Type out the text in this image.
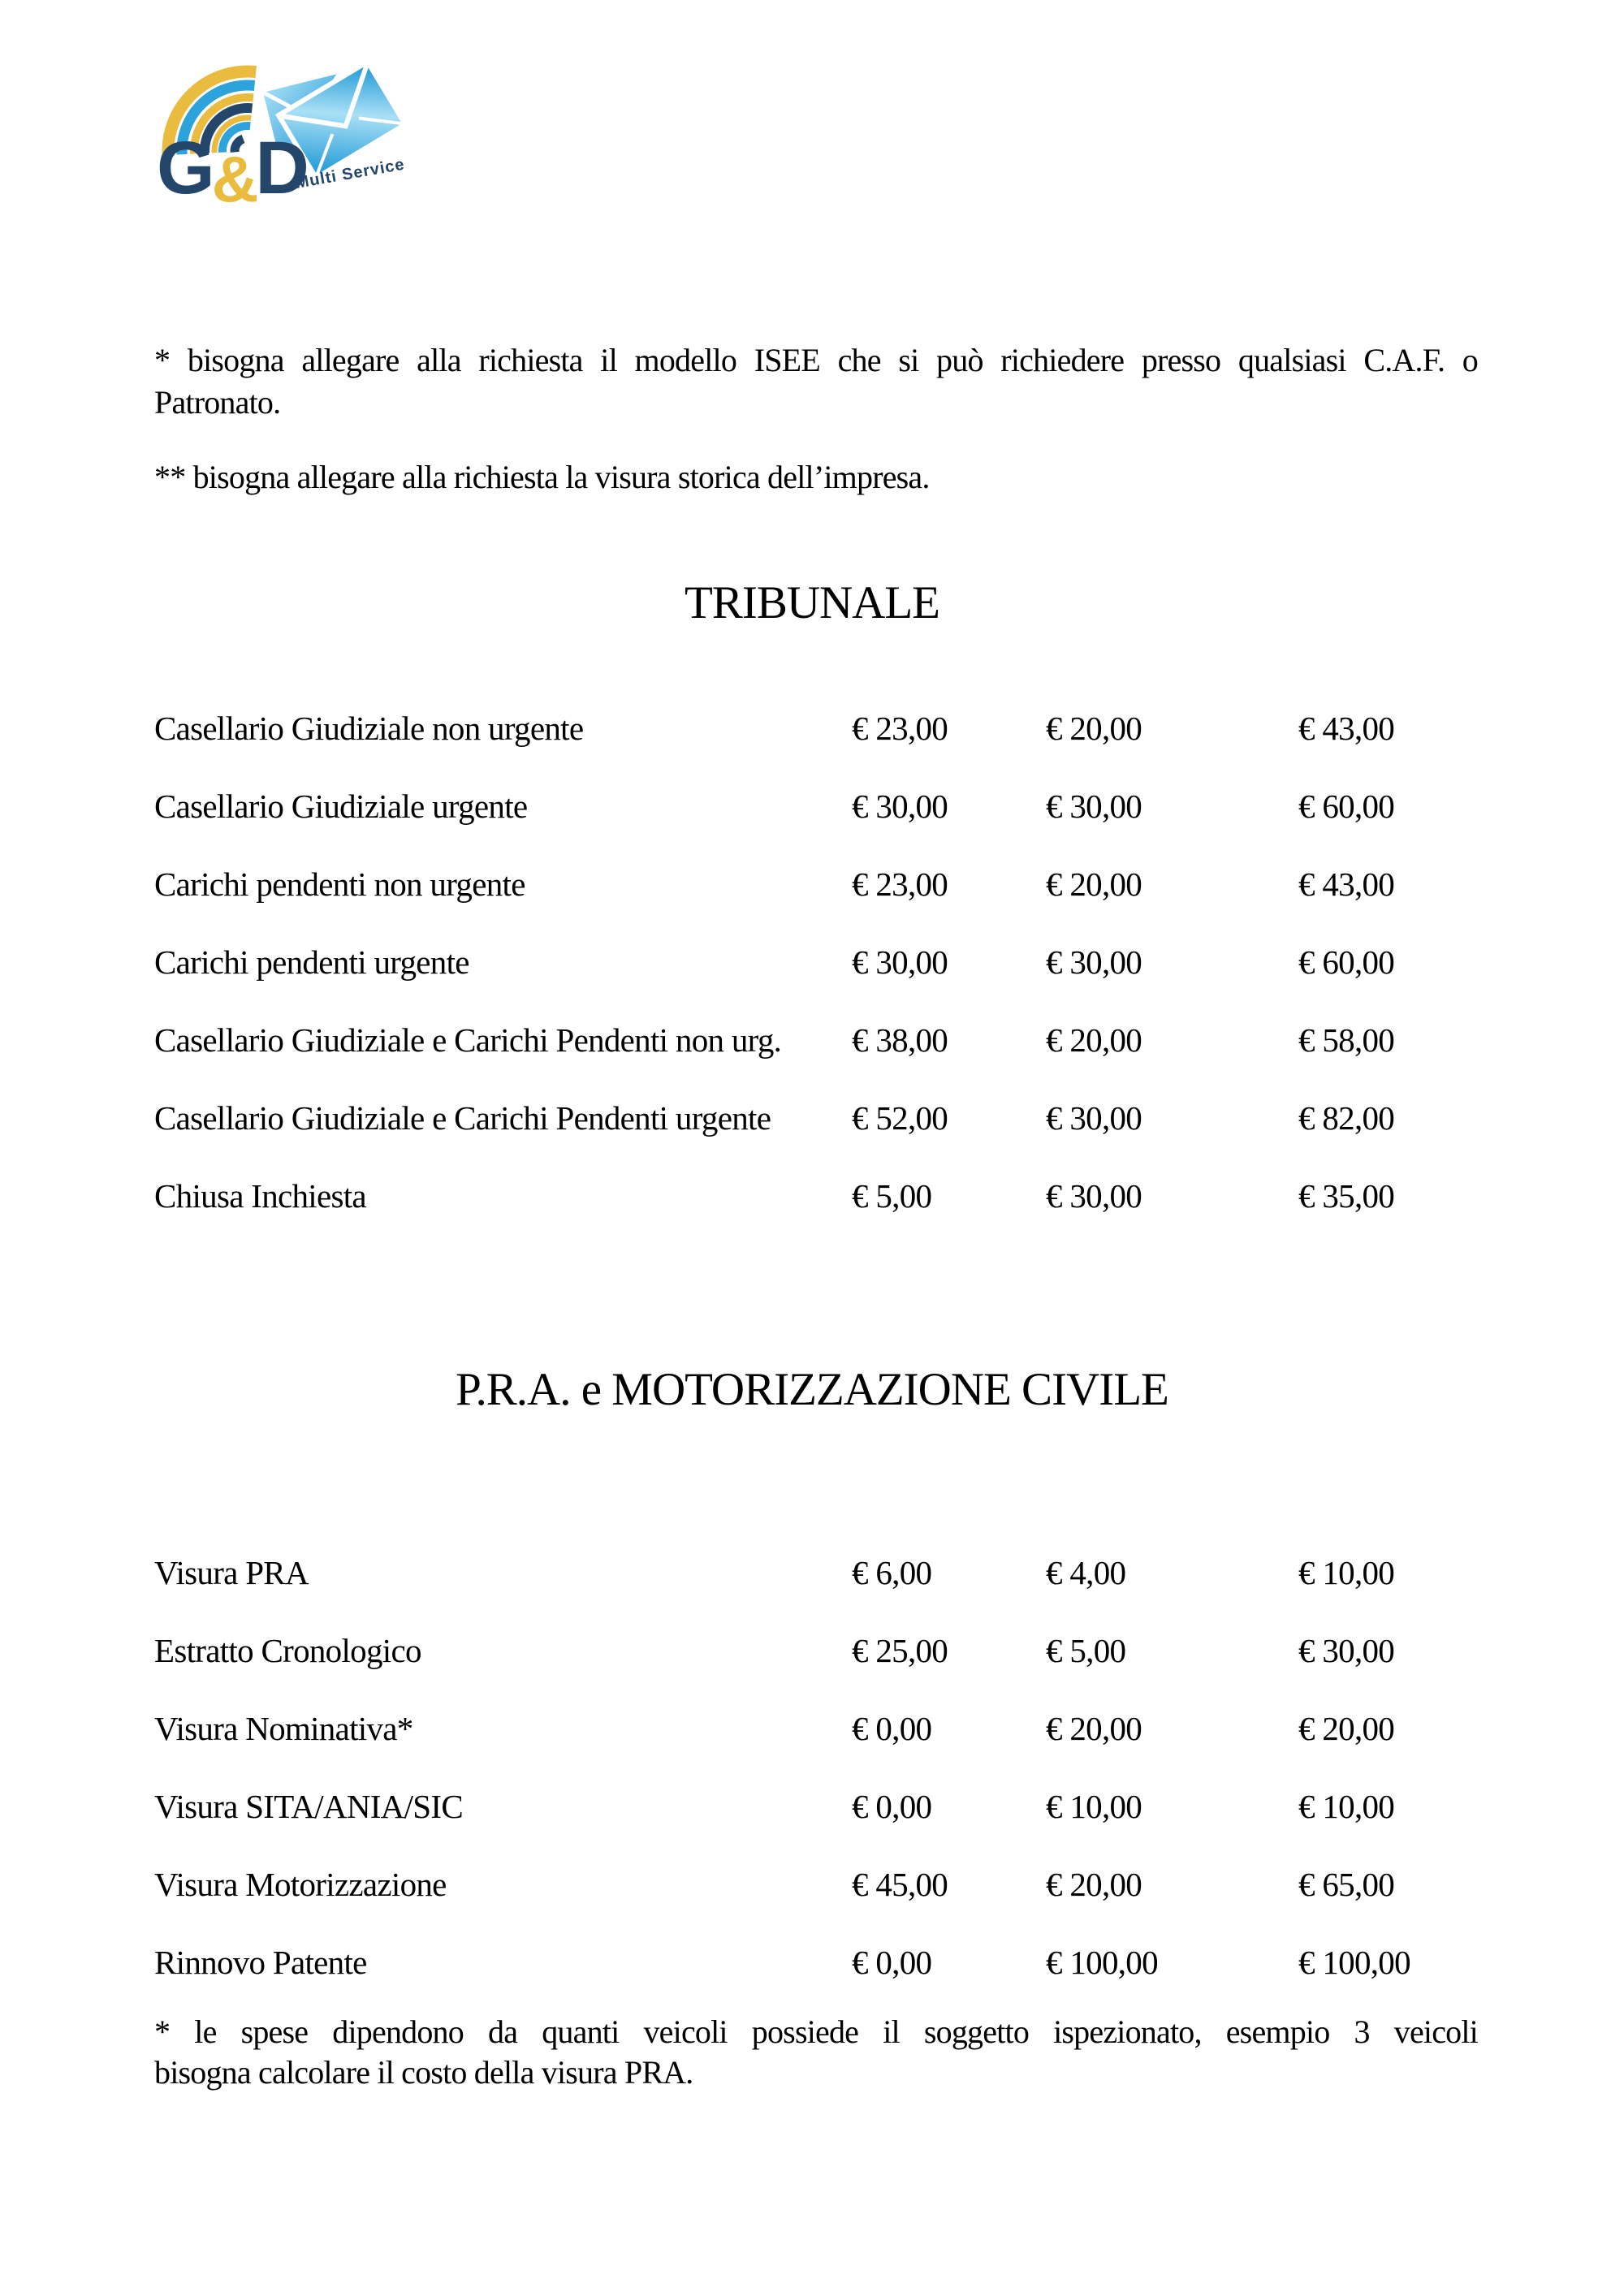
G&D
Multi Service
* bisogna allegare alla richiesta il modello ISEE che si può richiedere presso qualsiasi C.A.F. o
Patronato.
** bisogna allegare alla richiesta la visura storica dell’impresa.
TRIBUNALE
Casellario Giudiziale non urgente	€ 23,00	€ 20,00	€ 43,00
Casellario Giudiziale urgente	€ 30,00	€ 30,00	€ 60,00
Carichi pendenti non urgente	€ 23,00	€ 20,00	€ 43,00
Carichi pendenti urgente	€ 30,00	€ 30,00	€ 60,00
Casellario Giudiziale e Carichi Pendenti non urg. € 38,00	€ 20,00	€ 58,00
Casellario Giudiziale e Carichi Pendenti urgente € 52,00	€ 30,00	€ 82,00
Chiusa Inchiesta	€ 5,00	€ 30,00	€ 35,00
P.R.A. e MOTORIZZAZIONE CIVILE
Visura PRA	€ 6,00	€ 4,00	€ 10,00
Estratto Cronologico	€ 25,00	€ 5,00	€ 30,00
Visura Nominativa*	€ 0,00	€ 20,00	€ 20,00
Visura SITA/ANIA/SIC	€ 0,00	€ 10,00	€ 10,00
Visura Motorizzazione	€ 45,00	€ 20,00	€ 65,00
Rinnovo Patente	€ 0,00	€ 100,00	€ 100,00
* le spese dipendono da quanti veicoli possiede il soggetto ispezionato, esempio 3 veicoli
bisogna calcolare il costo della visura PRA.
